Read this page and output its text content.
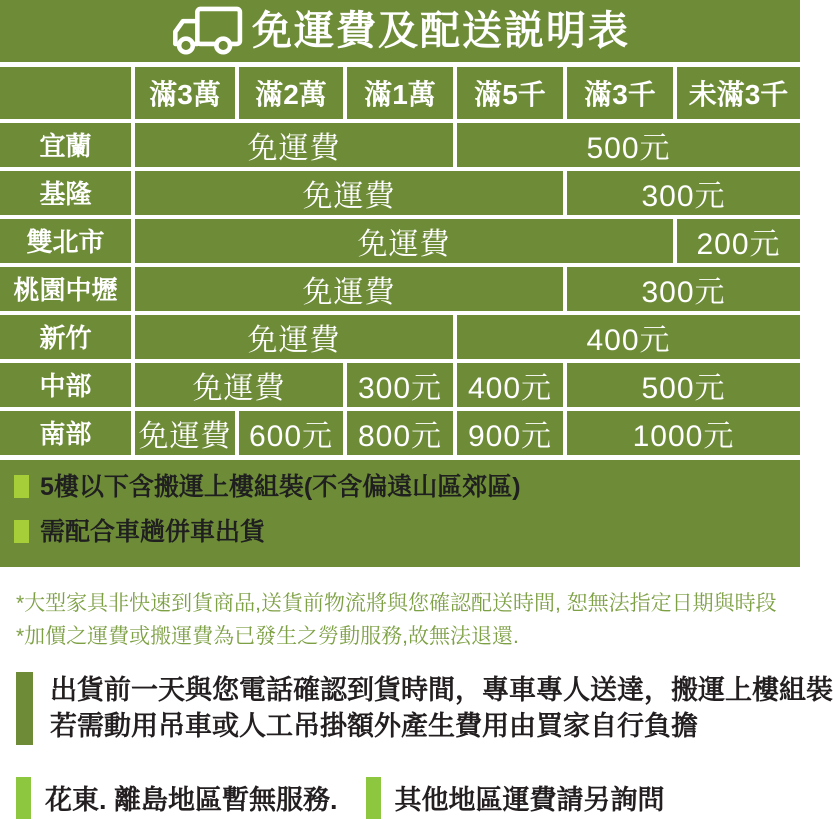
免運費及配送説明表
	滿3萬	滿2萬	滿1萬	滿5千	滿3千	未滿3千
宜蘭	免運費			500元		
基隆	免運費				300元	
雙北市	免運費					200元
桃園中壢	免運費				300元	
新竹	免運費			400元		
中部	免運費		300元	400元	500元	
南部	免運費	600元	800元	900元	1000元	
5樓以下含搬運上樓組裝(不含偏遠山區郊區)
需配合車趟併車出貨

*大型家具非快速到貨商品,送貨前物流將與您確認配送時間, 恕無法指定日期與時段

*加價之運費或搬運費為已發生之勞動服務,故無法退還.

出貨前一天與您電話確認到貨時間，專車專人送達，搬運上樓組裝

若需動用吊車或人工吊掛額外產生費用由買家自行負擔

花東. 離島地區暫無服務. 其他地區運費請另詢問
